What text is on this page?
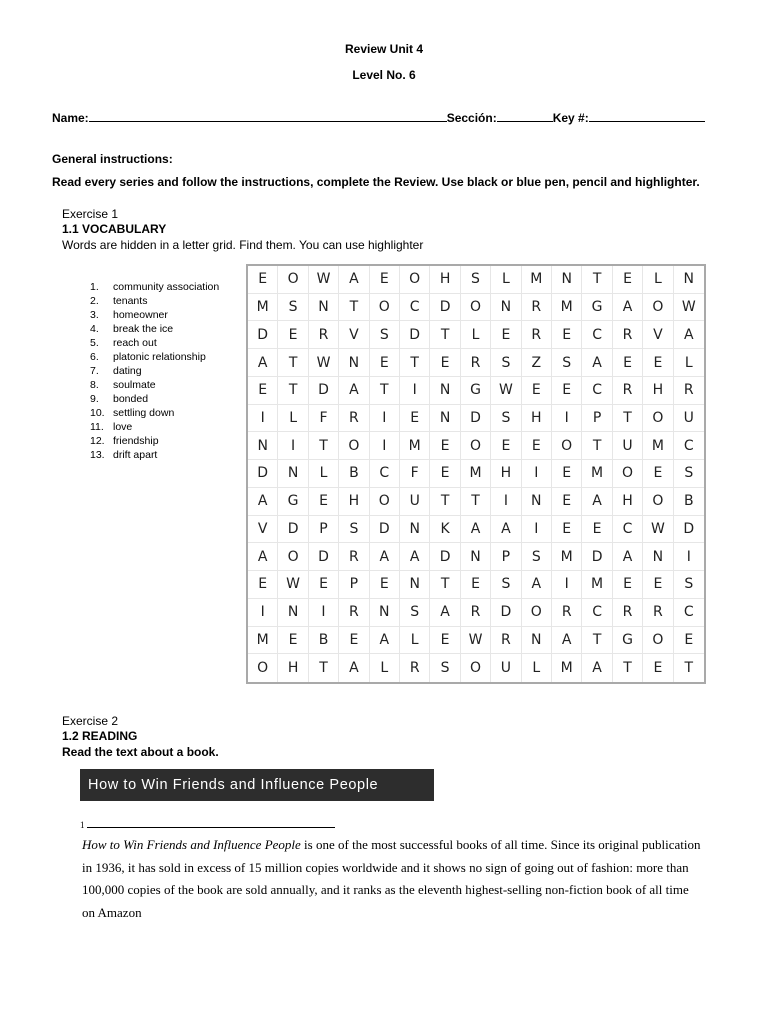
Review Unit 4
Level No. 6
Name:	Sección:	Key #:
General instructions:
Read every series and follow the instructions, complete the Review. Use black or blue pen, pencil and highlighter.
Exercise 1
1.1 VOCABULARY
Words are hidden in a letter grid. Find them. You can use highlighter
1. community association
2. tenants
3. homeowner
4. break the ice
5. reach out
6. platonic relationship
7. dating
8. soulmate
9. bonded
10. settling down
11. love
12. friendship
13. drift apart
E	O	W	A	E	O	H	S	L	M	N	T	E	L	N
M	S	N	T	O	C	D	O	N	R	M	G	A	O	W
D	E	R	V	S	D	T	L	E	R	E	C	R	V	A
A	T	W	N	E	T	E	R	S	Z	S	A	E	E	L
E	T	D	A	T	I	N	G	W	E	E	C	R	H	R
I	L	F	R	I	E	N	D	S	H	I	P	T	O	U
N	I	T	O	I	M	E	O	E	E	O	T	U	M	C
D	N	L	B	C	F	E	M	H	I	E	M	O	E	S
A	G	E	H	O	U	T	T	I	N	E	A	H	O	B
V	D	P	S	D	N	K	A	A	I	E	E	C	W	D
A	O	D	R	A	A	D	N	P	S	M	D	A	N	I
E	W	E	P	E	N	T	E	S	A	I	M	E	E	S
I	N	I	R	N	S	A	R	D	O	R	C	R	R	C
M	E	B	E	A	L	E	W	R	N	A	T	G	O	E
O	H	T	A	L	R	S	O	U	L	M	A	T	E	T
Exercise 2
1.2 READING
Read the text about a book.
How to Win Friends and Influence People
1

How to Win Friends and Influence People is one of the most successful books of all time. Since its original publication in 1936, it has sold in excess of 15 million copies worldwide and it shows no sign of going out of fashion: more than 100,000 copies of the book are sold annually, and it ranks as the eleventh highest-selling non-fiction book of all time on Amazon
